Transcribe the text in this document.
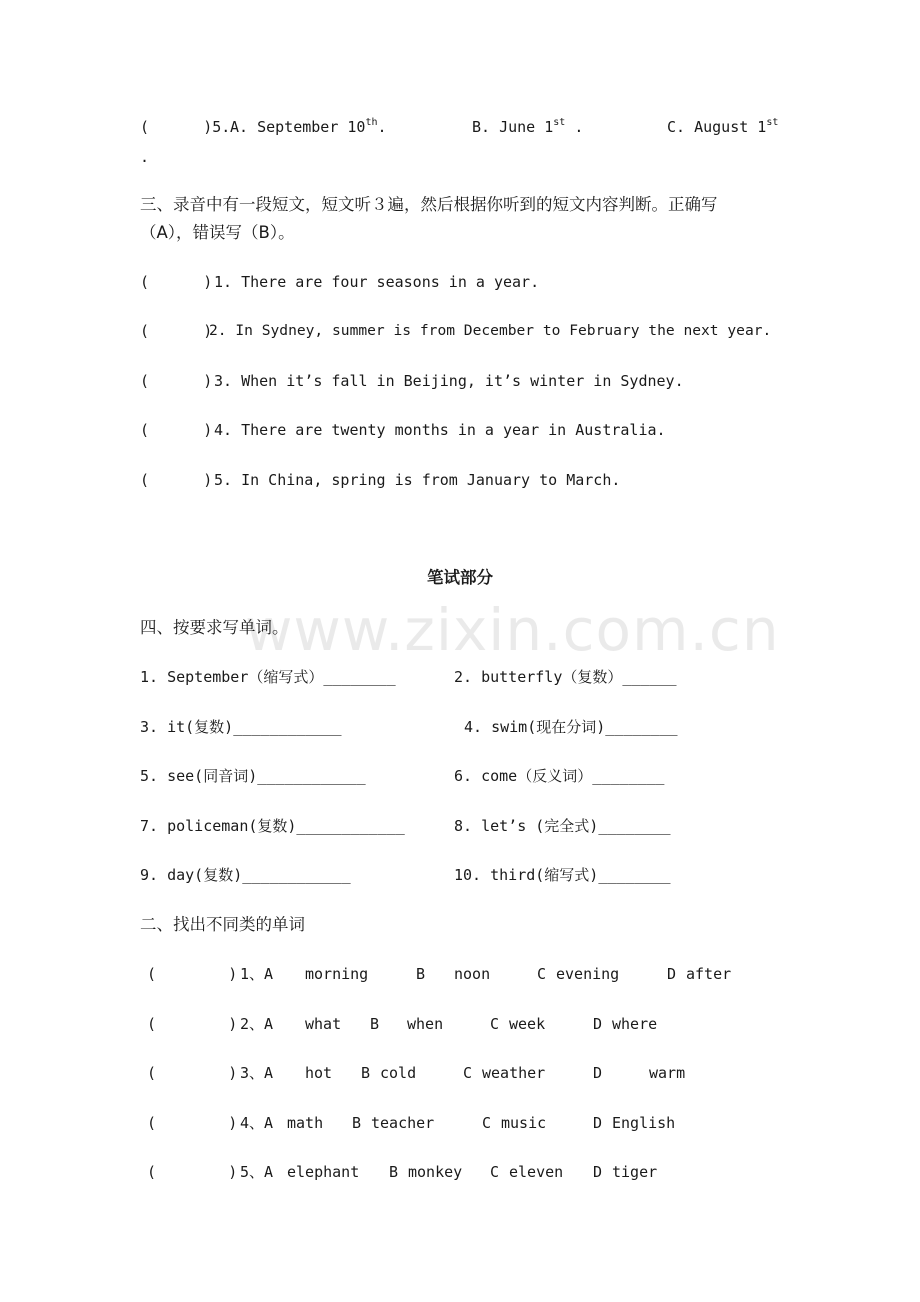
www.zixin.com.cn
(      )5. A. September 10th.	B. June 1st .	C. August 1st
.
三、录音中有一段短文，短文听３遍，然后根据你听到的短文内容判断。正确写
（A），错误写（B）。
(      ) 1. There are four seasons in a year.
(      )
2. In Sydney, summer is from December to February the next year.
(      ) 3. When it’s fall in Beijing, it’s winter in Sydney.
(      ) 4. There are twenty months in a year in Australia.
(      ) 5. In China, spring is from January to March.
笔试部分
四、按要求写单词。
1. September（缩写式）________	2. butterfly（复数）______
3. it(复数)____________	4. swim(现在分词)________
5. see(同音词)____________	6. come（反义词）________
7. policeman(复数)____________	8. let’s (完全式)________
9. day(复数)____________	10. third(缩写式)________
二、找出不同类的单词
(        ) 1、A morning	B noon	C evening	D after
(        ) 2、A what B when	C week	D where
(        ) 3、A hot B cold	C weather	D	warm
(        ) 4、A math B teacher	C music	D English
(        ) 5、A elephant B monkey C eleven D tiger
